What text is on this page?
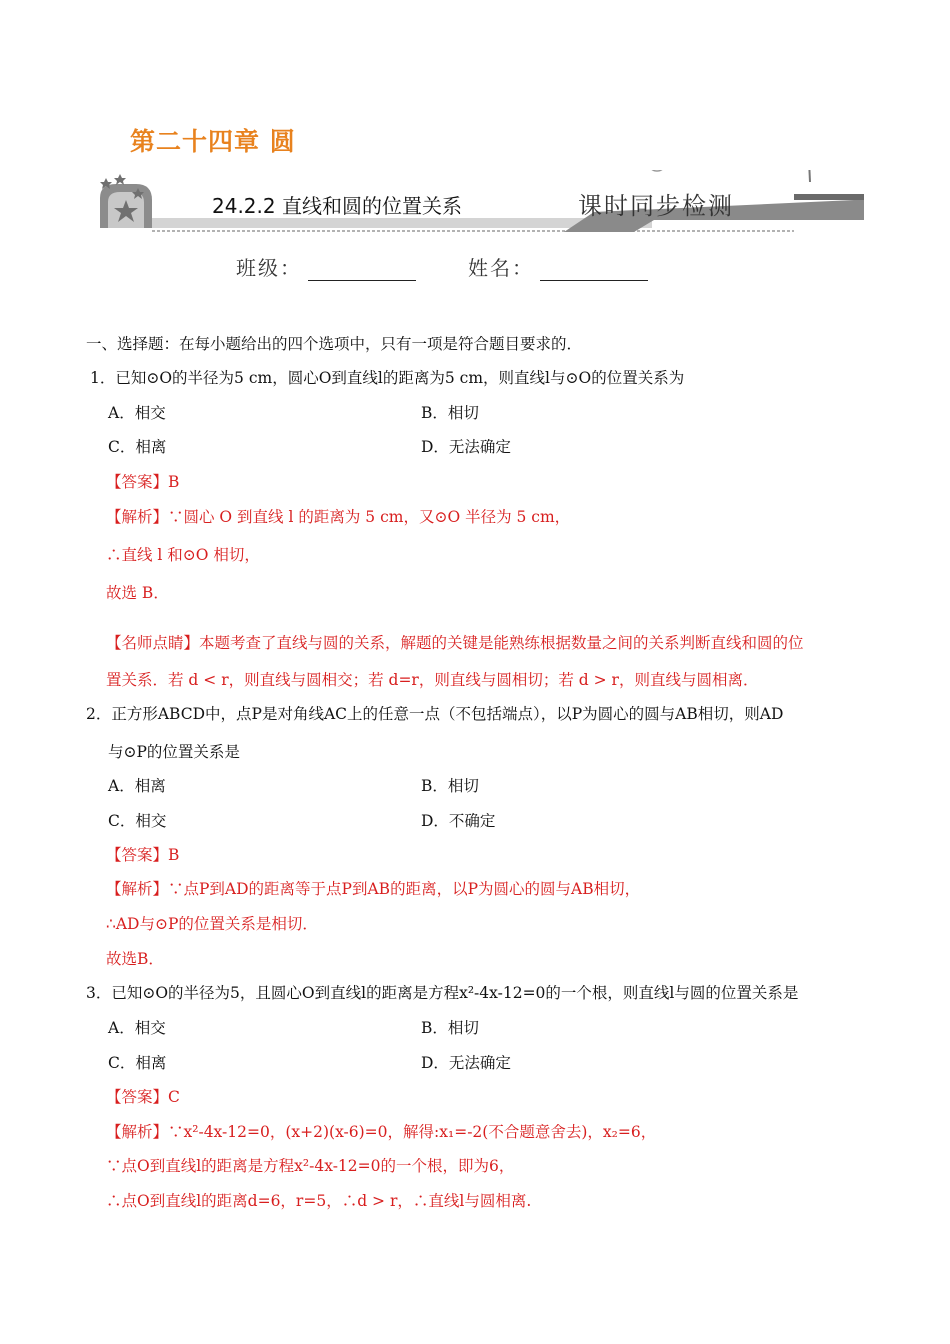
第二十四章 圆
24.2.2 直线和圆的位置关系	课时同步检测
班级：	姓名：
一、选择题：在每小题给出的四个选项中，只有一项是符合题目要求的．
1．已知⊙O的半径为5 cm，圆心O到直线l的距离为5 cm，则直线l与⊙O的位置关系为
A．相交	B．相切
C．相离	D．无法确定
【答案】B
【解析】∵圆心 O 到直线 l 的距离为 5 cm，又⊙O 半径为 5 cm，
∴直线 l 和⊙O 相切，
故选 B．
【名师点睛】本题考查了直线与圆的关系，解题的关键是能熟练根据数量之间的关系判断直线和圆的位
置关系．若 d < r，则直线与圆相交；若 d=r，则直线与圆相切；若 d > r，则直线与圆相离．
2．正方形ABCD中，点P是对角线AC上的任意一点（不包括端点），以P为圆心的圆与AB相切，则AD
与⊙P的位置关系是
A．相离	B．相切
C．相交	D．不确定
【答案】B
【解析】∵点P到AD的距离等于点P到AB的距离，以P为圆心的圆与AB相切，
∴AD与⊙P的位置关系是相切．
故选B．
3．已知⊙O的半径为5，且圆心O到直线l的距离是方程x²-4x-12=0的一个根，则直线l与圆的位置关系是
A．相交	B．相切
C．相离	D．无法确定
【答案】C
【解析】∵x²-4x-12=0，(x+2)(x-6)=0，解得:x₁=-2(不合题意舍去)，x₂=6，
∵点O到直线l的距离是方程x²-4x-12=0的一个根，即为6，
∴点O到直线l的距离d=6，r=5，∴d > r，∴直线l与圆相离.
